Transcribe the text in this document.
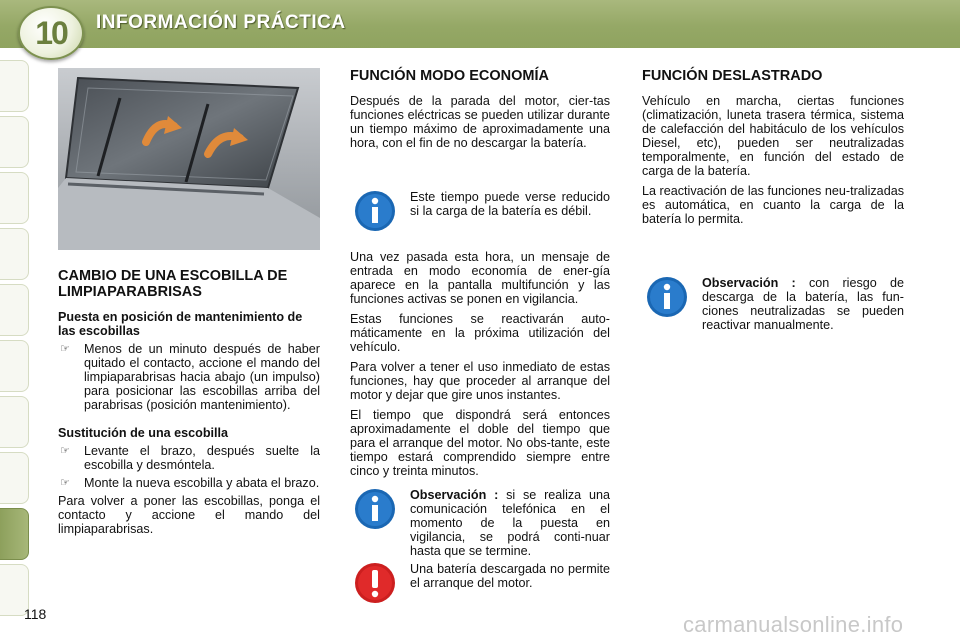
10 INFORMACIÓN PRÁCTICA
CAMBIO DE UNA ESCOBILLA DE LIMPIAPARABRISAS
Puesta en posición de mantenimiento de las escobillas
☞	Menos de un minuto después de haber quitado el contacto, accione el mando del limpiaparabrisas hacia abajo (un impulso) para posicionar las escobillas arriba del parabrisas (posición mantenimiento).
Sustitución de una escobilla
☞	Levante el brazo, después suelte la escobilla y desmóntela.
☞	Monte la nueva escobilla y abata el brazo.

Para volver a poner las escobillas, ponga el contacto y accione el mando del limpiaparabrisas.

FUNCIÓN MODO ECONOMÍA

Después de la parada del motor, cier-tas funciones eléctricas se pueden utilizar durante un tiempo máximo de aproximadamente una hora, con el fin de no descargar la batería.

Este tiempo puede verse reducido si la carga de la batería es débil.

Una vez pasada esta hora, un mensaje de entrada en modo economía de ener-gía aparece en la pantalla multifunción y las funciones activas se ponen en vigilancia.

Estas funciones se reactivarán auto-máticamente en la próxima utilización del vehículo.

Para volver a tener el uso inmediato de estas funciones, hay que proceder al arranque del motor y dejar que gire unos instantes.

El tiempo que dispondrá será entonces aproximadamente el doble del tiempo que para el arranque del motor. No obs-tante, este tiempo estará comprendido siempre entre cinco y treinta minutos.

Observación : si se realiza una comunicación telefónica en el momento de la puesta en vigilancia, se podrá conti-nuar hasta que se termine.
Una batería descargada no permite el arranque del motor.
FUNCIÓN DESLASTRADO

Vehículo en marcha, ciertas funciones (climatización, luneta trasera térmica, sistema de calefacción del habitáculo de los vehículos Diesel, etc), pueden ser neutralizadas temporalmente, en función del estado de carga de la batería.

La reactivación de las funciones neu-tralizadas es automática, en cuanto la carga de la batería lo permita.

Observación : con riesgo de descarga de la batería, las fun-ciones neutralizadas se pueden reactivar manualmente.
118	carmanualsonline.info
